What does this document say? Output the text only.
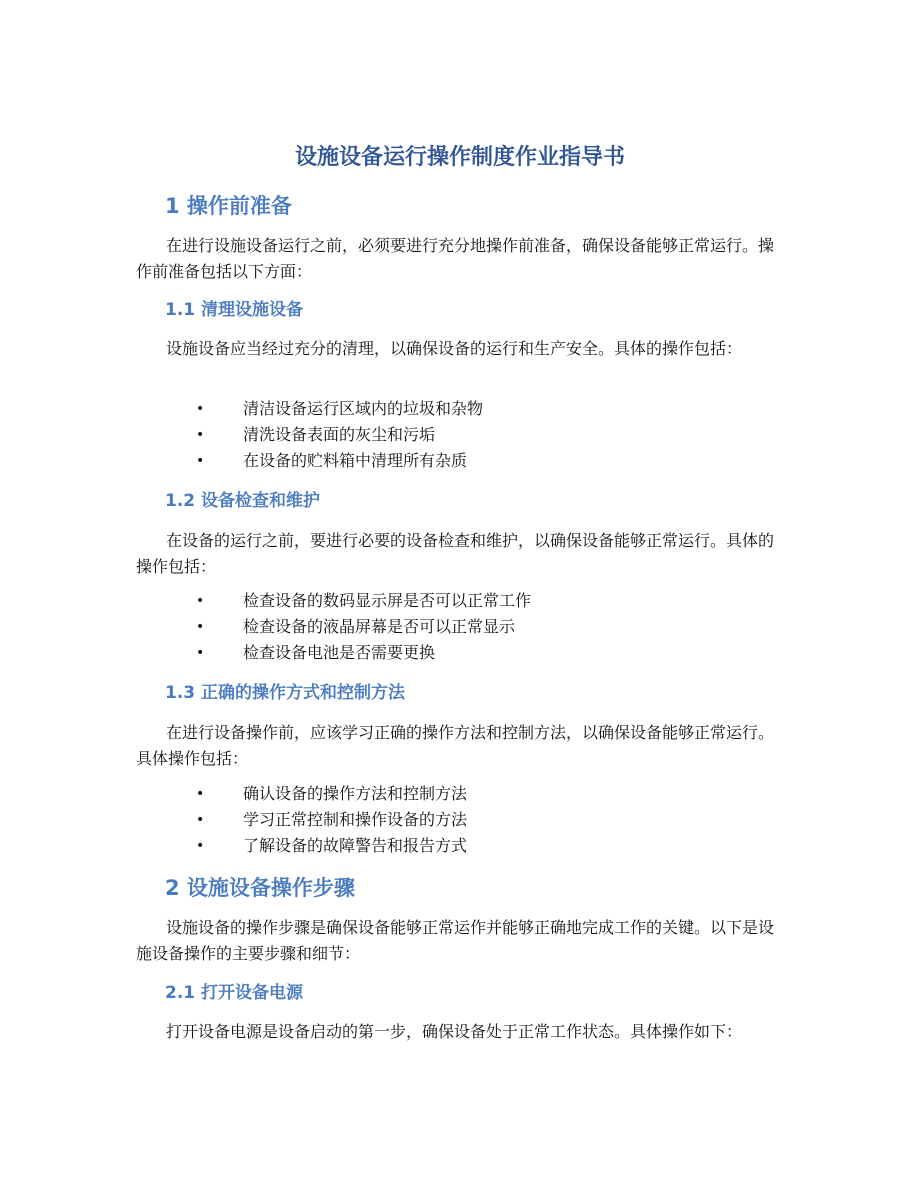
设施设备运行操作制度作业指导书
1 操作前准备

在进行设施设备运行之前，必须要进行充分地操作前准备，确保设备能够正常运行。操作前准备包括以下方面：

1.1 清理设施设备

设施设备应当经过充分的清理，以确保设备的运行和生产安全。具体的操作包括：

• 清洁设备运行区域内的垃圾和杂物
• 清洗设备表面的灰尘和污垢
• 在设备的贮料箱中清理所有杂质
1.2 设备检查和维护

在设备的运行之前，要进行必要的设备检查和维护，以确保设备能够正常运行。具体的操作包括：

• 检查设备的数码显示屏是否可以正常工作
• 检查设备的液晶屏幕是否可以正常显示
• 检查设备电池是否需要更换
1.3 正确的操作方式和控制方法

在进行设备操作前，应该学习正确的操作方法和控制方法，以确保设备能够正常运行。具体操作包括：

• 确认设备的操作方法和控制方法
• 学习正常控制和操作设备的方法
• 了解设备的故障警告和报告方式
2 设施设备操作步骤

设施设备的操作步骤是确保设备能够正常运作并能够正确地完成工作的关键。以下是设施设备操作的主要步骤和细节：

2.1 打开设备电源

打开设备电源是设备启动的第一步，确保设备处于正常工作状态。具体操作如下：
